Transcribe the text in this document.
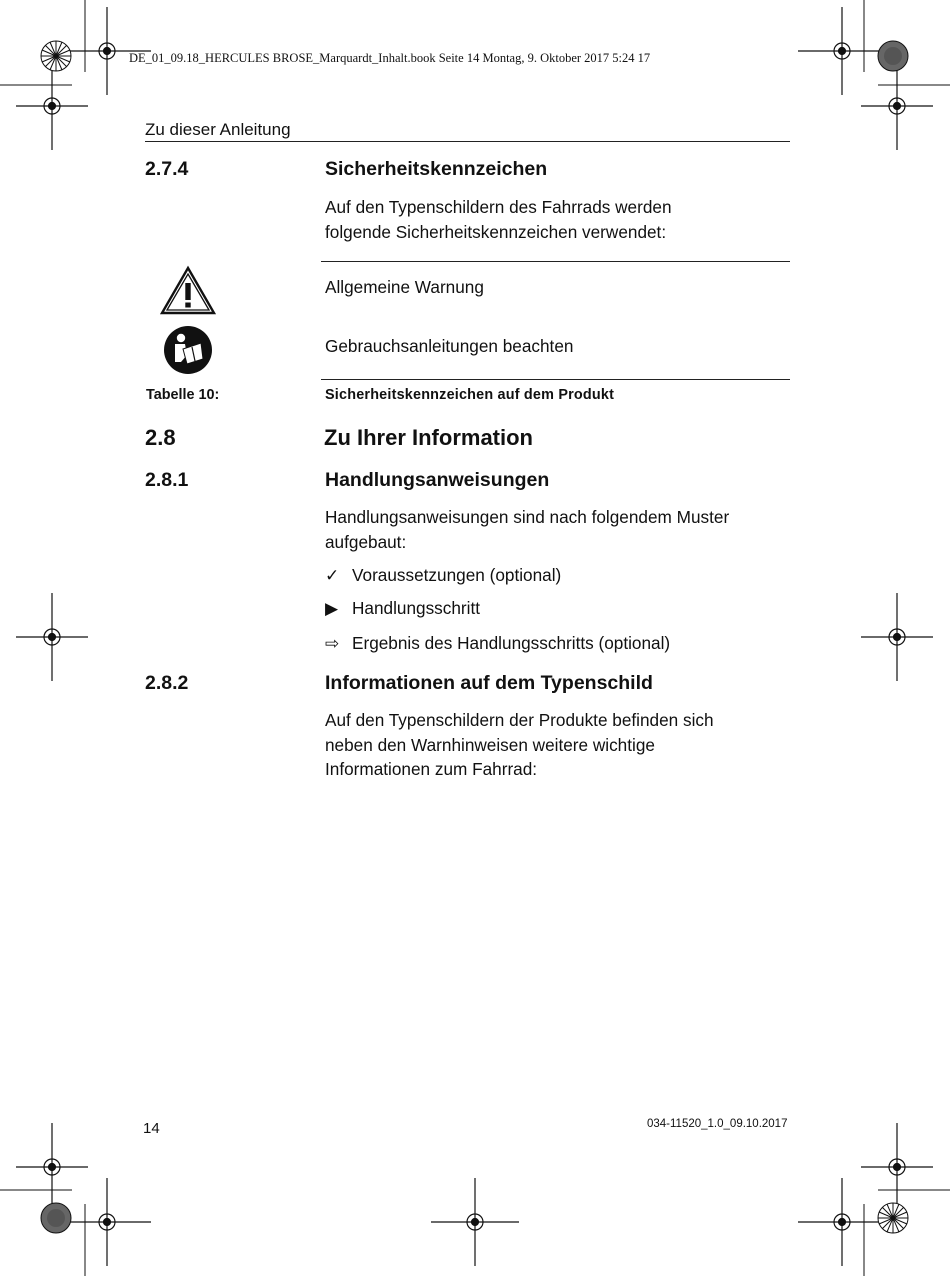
DE_01_09.18_HERCULES BROSE_Marquardt_Inhalt.book Seite 14 Montag, 9. Oktober 2017 5:24 17
Zu dieser Anleitung
2.7.4	Sicherheitskennzeichen
Auf den Typenschildern des Fahrrads werden
folgende Sicherheitskennzeichen verwendet:
Allgemeine Warnung
Gebrauchsanleitungen beachten
Tabelle 10:	Sicherheitskennzeichen auf dem Produkt
2.8	Zu Ihrer Information
2.8.1	Handlungsanweisungen
Handlungsanweisungen sind nach folgendem Muster
aufgebaut:
✓ Voraussetzungen (optional)
▶ Handlungsschritt
⇨ Ergebnis des Handlungsschritts (optional)
2.8.2	Informationen auf dem Typenschild
Auf den Typenschildern der Produkte befinden sich
neben den Warnhinweisen weitere wichtige
Informationen zum Fahrrad:
14	034-11520_1.0_09.10.2017
